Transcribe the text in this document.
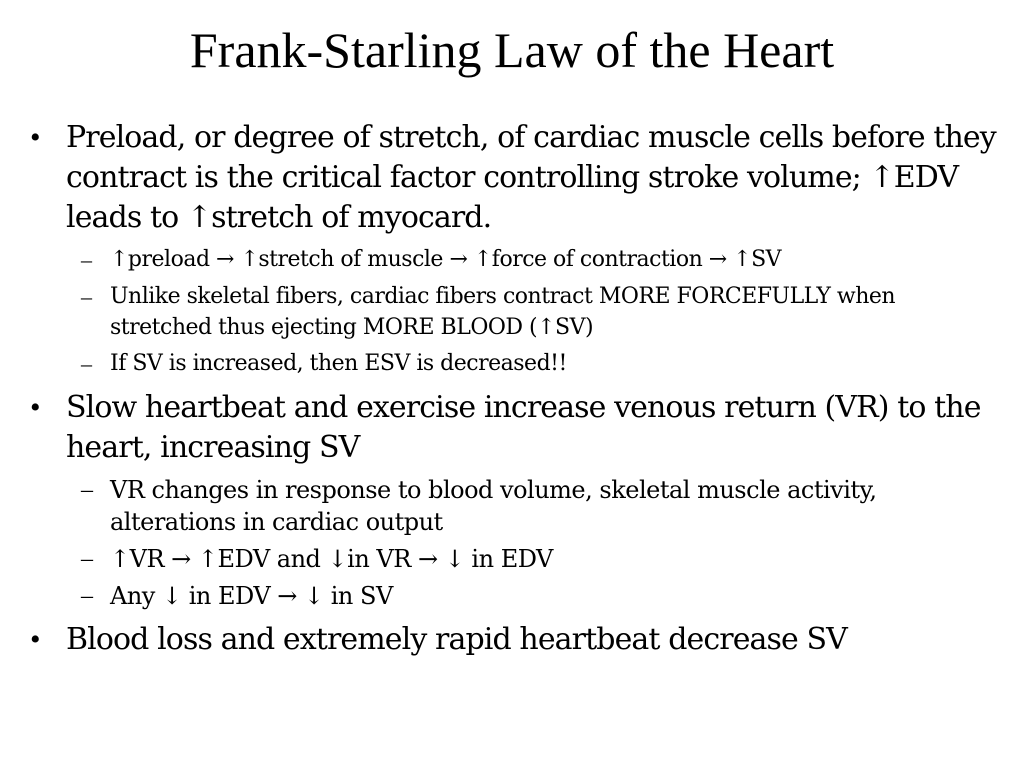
Frank-Starling Law of the Heart
• Preload, or degree of stretch, of cardiac muscle cells before they contract is the critical factor controlling stroke volume; ↑EDV leads to ↑stretch of myocard.
– ↑preload → ↑stretch of muscle → ↑force of contraction → ↑SV
– Unlike skeletal fibers, cardiac fibers contract MORE FORCEFULLY when stretched thus ejecting MORE BLOOD (↑SV)
– If SV is increased, then ESV is decreased!!
• Slow heartbeat and exercise increase venous return (VR) to the heart, increasing SV
– VR changes in response to blood volume, skeletal muscle activity, alterations in cardiac output
– ↑VR → ↑EDV and ↓in VR → ↓ in EDV
– Any ↓ in EDV → ↓ in SV
• Blood loss and extremely rapid heartbeat decrease SV
